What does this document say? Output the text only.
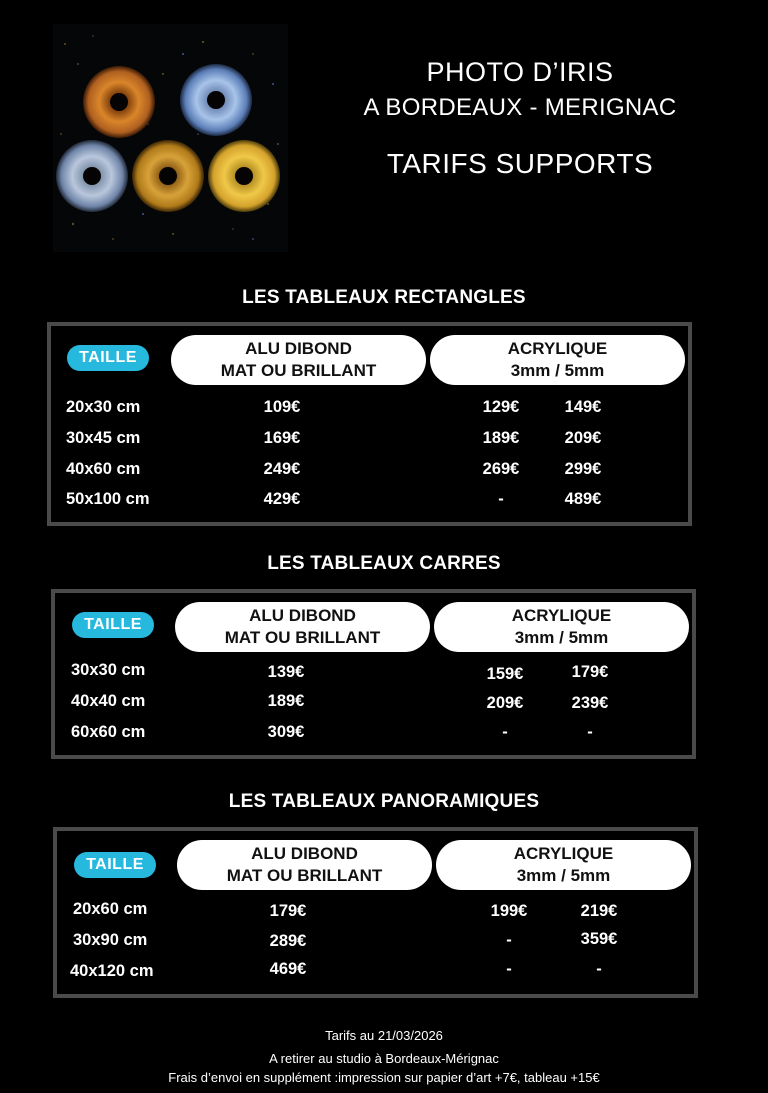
PHOTO D’IRIS
A BORDEAUX - MERIGNAC
TARIFS SUPPORTS
LES TABLEAUX RECTANGLES
TAILLE	ALU DIBOND
MAT OU BRILLANT
ACRYLIQUE
3mm / 5mm
20x30 cm	109€	129€	149€
30x45 cm	169€	189€	209€
40x60 cm	249€	269€	299€
50x100 cm	429€	-	489€
LES TABLEAUX CARRES
TAILLE	ALU DIBOND
MAT OU BRILLANT
ACRYLIQUE
3mm / 5mm
30x30 cm	139€	159€	179€
40x40 cm	189€	209€	239€
60x60 cm	309€	-	-
LES TABLEAUX PANORAMIQUES
TAILLE
ALU DIBOND
MAT OU BRILLANT
ACRYLIQUE
3mm / 5mm
20x60 cm	179€	199€	219€
30x90 cm	289€	-	359€
40x120 cm	469€	-	-
Tarifs au 21/03/2026
A retirer au studio à Bordeaux-Mérignac
Frais d’envoi en supplément :impression sur papier d’art +7€, tableau +15€
